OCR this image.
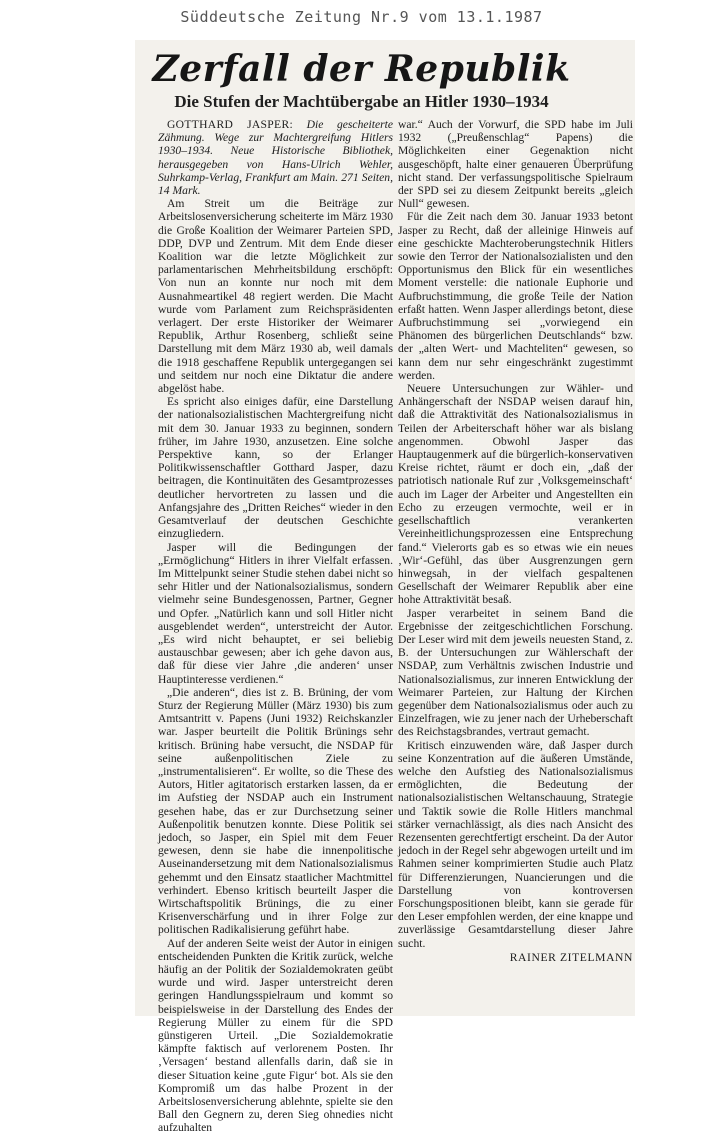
Süddeutsche Zeitung Nr.9 vom 13.1.1987
Zerfall der Republik
Die Stufen der Machtübergabe an Hitler 1930–1934

GOTTHARD JASPER: Die gescheiterte Zähmung. Wege zur Machtergreifung Hitlers 1930–1934. Neue Historische Bibliothek, herausgegeben von Hans-Ulrich Wehler, Suhrkamp-Verlag, Frankfurt am Main. 271 Seiten, 14 Mark.

Am Streit um die Beiträge zur Arbeitslosenversicherung scheiterte im März 1930 die Große Koalition der Weimarer Parteien SPD, DDP, DVP und Zentrum. Mit dem Ende dieser Koalition war die letzte Möglichkeit zur parlamentarischen Mehrheitsbildung erschöpft: Von nun an konnte nur noch mit dem Ausnahmeartikel 48 regiert werden. Die Macht wurde vom Parlament zum Reichspräsidenten verlagert. Der erste Historiker der Weimarer Republik, Arthur Rosenberg, schließt seine Darstellung mit dem März 1930 ab, weil damals die 1918 geschaffene Republik untergegangen sei und seitdem nur noch eine Diktatur die andere abgelöst habe.

Es spricht also einiges dafür, eine Darstellung der nationalsozialistischen Machtergreifung nicht mit dem 30. Januar 1933 zu beginnen, sondern früher, im Jahre 1930, anzusetzen. Eine solche Perspektive kann, so der Erlanger Politikwissenschaftler Gotthard Jasper, dazu beitragen, die Kontinuitäten des Gesamtprozesses deutlicher hervortreten zu lassen und die Anfangsjahre des „Dritten Reiches“ wieder in den Gesamtverlauf der deutschen Geschichte einzugliedern.

Jasper will die Bedingungen der „Ermöglichung“ Hitlers in ihrer Vielfalt erfassen. Im Mittelpunkt seiner Studie stehen dabei nicht so sehr Hitler und der Nationalsozialismus, sondern vielmehr seine Bundesgenossen, Partner, Gegner und Opfer. „Natürlich kann und soll Hitler nicht ausgeblendet werden“, unterstreicht der Autor. „Es wird nicht behauptet, er sei beliebig austauschbar gewesen; aber ich gehe davon aus, daß für diese vier Jahre ‚die anderen‘ unser Hauptinteresse verdienen.“

„Die anderen“, dies ist z. B. Brüning, der vom Sturz der Regierung Müller (März 1930) bis zum Amtsantritt v. Papens (Juni 1932) Reichskanzler war. Jasper beurteilt die Politik Brünings sehr kritisch. Brüning habe versucht, die NSDAP für seine außenpolitischen Ziele zu „instrumentalisieren“. Er wollte, so die These des Autors, Hitler agitatorisch erstarken lassen, da er im Aufstieg der NSDAP auch ein Instrument gesehen habe, das er zur Durchsetzung seiner Außenpolitik benutzen konnte. Diese Politik sei jedoch, so Jasper, ein Spiel mit dem Feuer gewesen, denn sie habe die innenpolitische Auseinandersetzung mit dem Nationalsozialismus gehemmt und den Einsatz staatlicher Machtmittel verhindert. Ebenso kritisch beurteilt Jasper die Wirtschaftspolitik Brünings, die zu einer Krisenverschärfung und in ihrer Folge zur politischen Radikalisierung geführt habe.

Auf der anderen Seite weist der Autor in einigen entscheidenden Punkten die Kritik zurück, welche häufig an der Politik der Sozialdemokraten geübt wurde und wird. Jasper unterstreicht deren geringen Handlungsspielraum und kommt so beispielsweise in der Darstellung des Endes der Regierung Müller zu einem für die SPD günstigeren Urteil. „Die Sozialdemokratie kämpfte faktisch auf verlorenem Posten. Ihr ‚Versagen‘ bestand allenfalls darin, daß sie in dieser Situation keine ‚gute Figur‘ bot. Als sie den Kompromiß um das halbe Prozent in der Arbeitslosenversicherung ablehnte, spielte sie den Ball den Gegnern zu, deren Sieg ohnedies nicht aufzuhalten

war.“ Auch der Vorwurf, die SPD habe im Juli 1932 („Preußenschlag“ Papens) die Möglichkeiten einer Gegenaktion nicht ausgeschöpft, halte einer genaueren Überprüfung nicht stand. Der verfassungspolitische Spielraum der SPD sei zu diesem Zeitpunkt bereits „gleich Null“ gewesen.

Für die Zeit nach dem 30. Januar 1933 betont Jasper zu Recht, daß der alleinige Hinweis auf eine geschickte Machteroberungstechnik Hitlers sowie den Terror der Nationalsozialisten und den Opportunismus den Blick für ein wesentliches Moment verstelle: die nationale Euphorie und Aufbruchstimmung, die große Teile der Nation erfaßt hatten. Wenn Jasper allerdings betont, diese Aufbruchstimmung sei „vorwiegend ein Phänomen des bürgerlichen Deutschlands“ bzw. der „alten Wert- und Machteliten“ gewesen, so kann dem nur sehr eingeschränkt zugestimmt werden.

Neuere Untersuchungen zur Wähler- und Anhängerschaft der NSDAP weisen darauf hin, daß die Attraktivität des Nationalsozialismus in Teilen der Arbeiterschaft höher war als bislang angenommen. Obwohl Jasper das Hauptaugenmerk auf die bürgerlich-konservativen Kreise richtet, räumt er doch ein, „daß der patriotisch nationale Ruf zur ‚Volksgemeinschaft‘ auch im Lager der Arbeiter und Angestellten ein Echo zu erzeugen vermochte, weil er in gesellschaftlich verankerten Vereinheitlichungsprozessen eine Entsprechung fand.“ Vielerorts gab es so etwas wie ein neues ‚Wir‘-Gefühl, das über Ausgrenzungen gern hinwegsah, in der vielfach gespaltenen Gesellschaft der Weimarer Republik aber eine hohe Attraktivität besaß.

Jasper verarbeitet in seinem Band die Ergebnisse der zeitgeschichtlichen Forschung. Der Leser wird mit dem jeweils neuesten Stand, z. B. der Untersuchungen zur Wählerschaft der NSDAP, zum Verhältnis zwischen Industrie und Nationalsozialismus, zur inneren Entwicklung der Weimarer Parteien, zur Haltung der Kirchen gegenüber dem Nationalsozialismus oder auch zu Einzelfragen, wie zu jener nach der Urheberschaft des Reichstagsbrandes, vertraut gemacht.

Kritisch einzuwenden wäre, daß Jasper durch seine Konzentration auf die äußeren Umstände, welche den Aufstieg des Nationalsozialismus ermöglichten, die Bedeutung der nationalsozialistischen Weltanschauung, Strategie und Taktik sowie die Rolle Hitlers manchmal stärker vernachlässigt, als dies nach Ansicht des Rezensenten gerechtfertigt erscheint. Da der Autor jedoch in der Regel sehr abgewogen urteilt und im Rahmen seiner komprimierten Studie auch Platz für Differenzierungen, Nuancierungen und die Darstellung von kontroversen Forschungspositionen bleibt, kann sie gerade für den Leser empfohlen werden, der eine knappe und zuverlässige Gesamtdarstellung dieser Jahre sucht.

RAINER ZITELMANN
